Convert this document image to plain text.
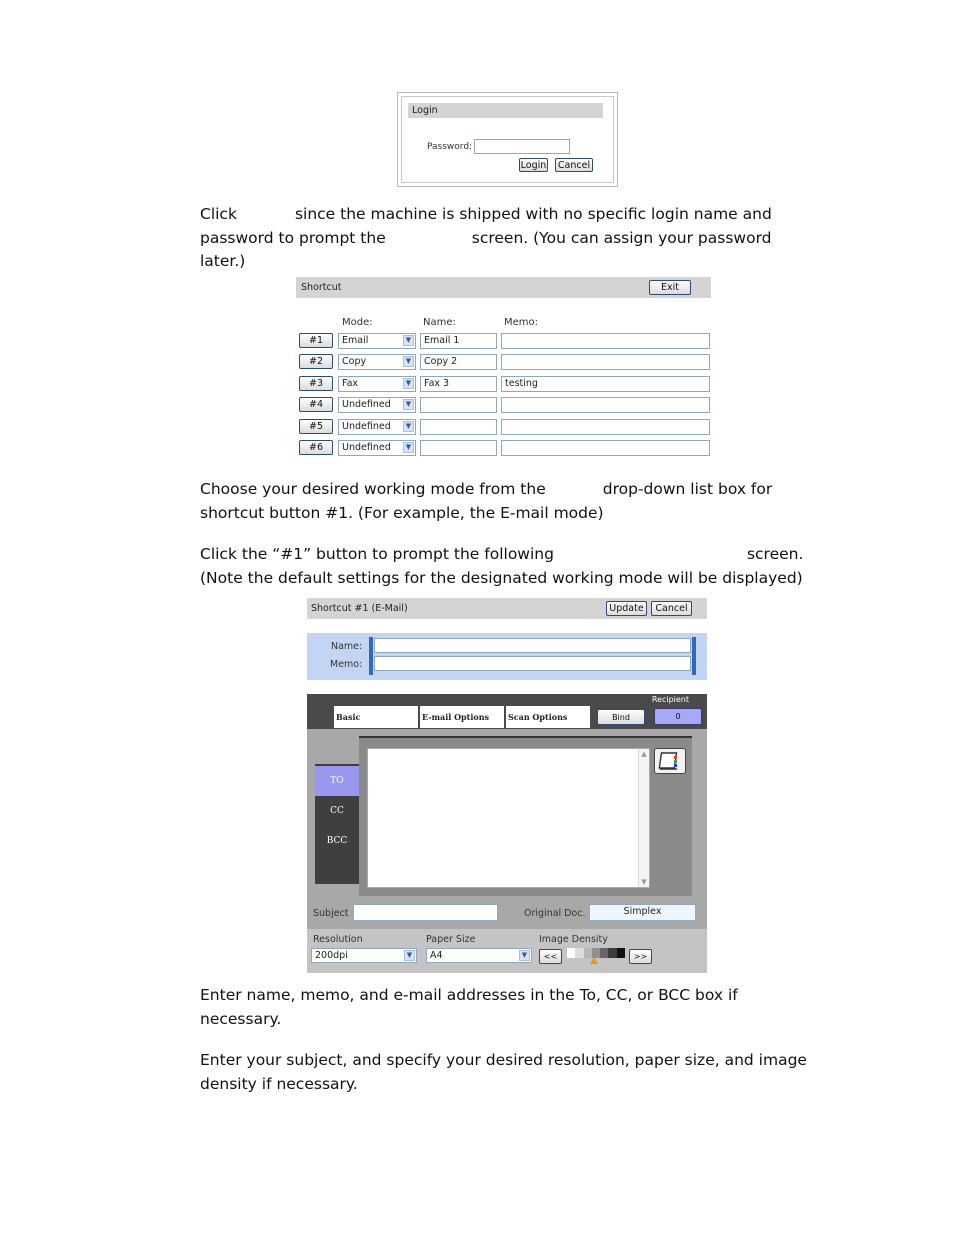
Login
Password:
Login	Cancel

Click	since the machine is shipped with no specific login name and
password to prompt the	screen. (You can assign your password
later.)

Shortcut	Exit
Mode:	Name:	Memo:
#1	Email	▼	Email 1
#2	Copy	▼	Copy 2
#3	Fax	▼	Fax 3	testing
#4	Undefined	▼
#5	Undefined	▼
#6	Undefined	▼

Choose your desired working mode from the	drop-down list box for
shortcut button #1. (For example, the E-mail mode)

Click the “#1” button to prompt the following	screen.
(Note the default settings for the designated working mode will be displayed)

Shortcut #1 (E-Mail)	Update	Cancel
Name:
Memo:
Recipient
Basic	E-mail Options	Scan Options	Bind	0
TO
CC
BCC
▲
▼
Subject	Original Doc.	Simplex
Resolution
200dpi	▼
Paper Size
A4	▼
Image Density
<<	>>

Enter name, memo, and e-mail addresses in the To, CC, or BCC box if
necessary.

Enter your subject, and specify your desired resolution, paper size, and image
density if necessary.
